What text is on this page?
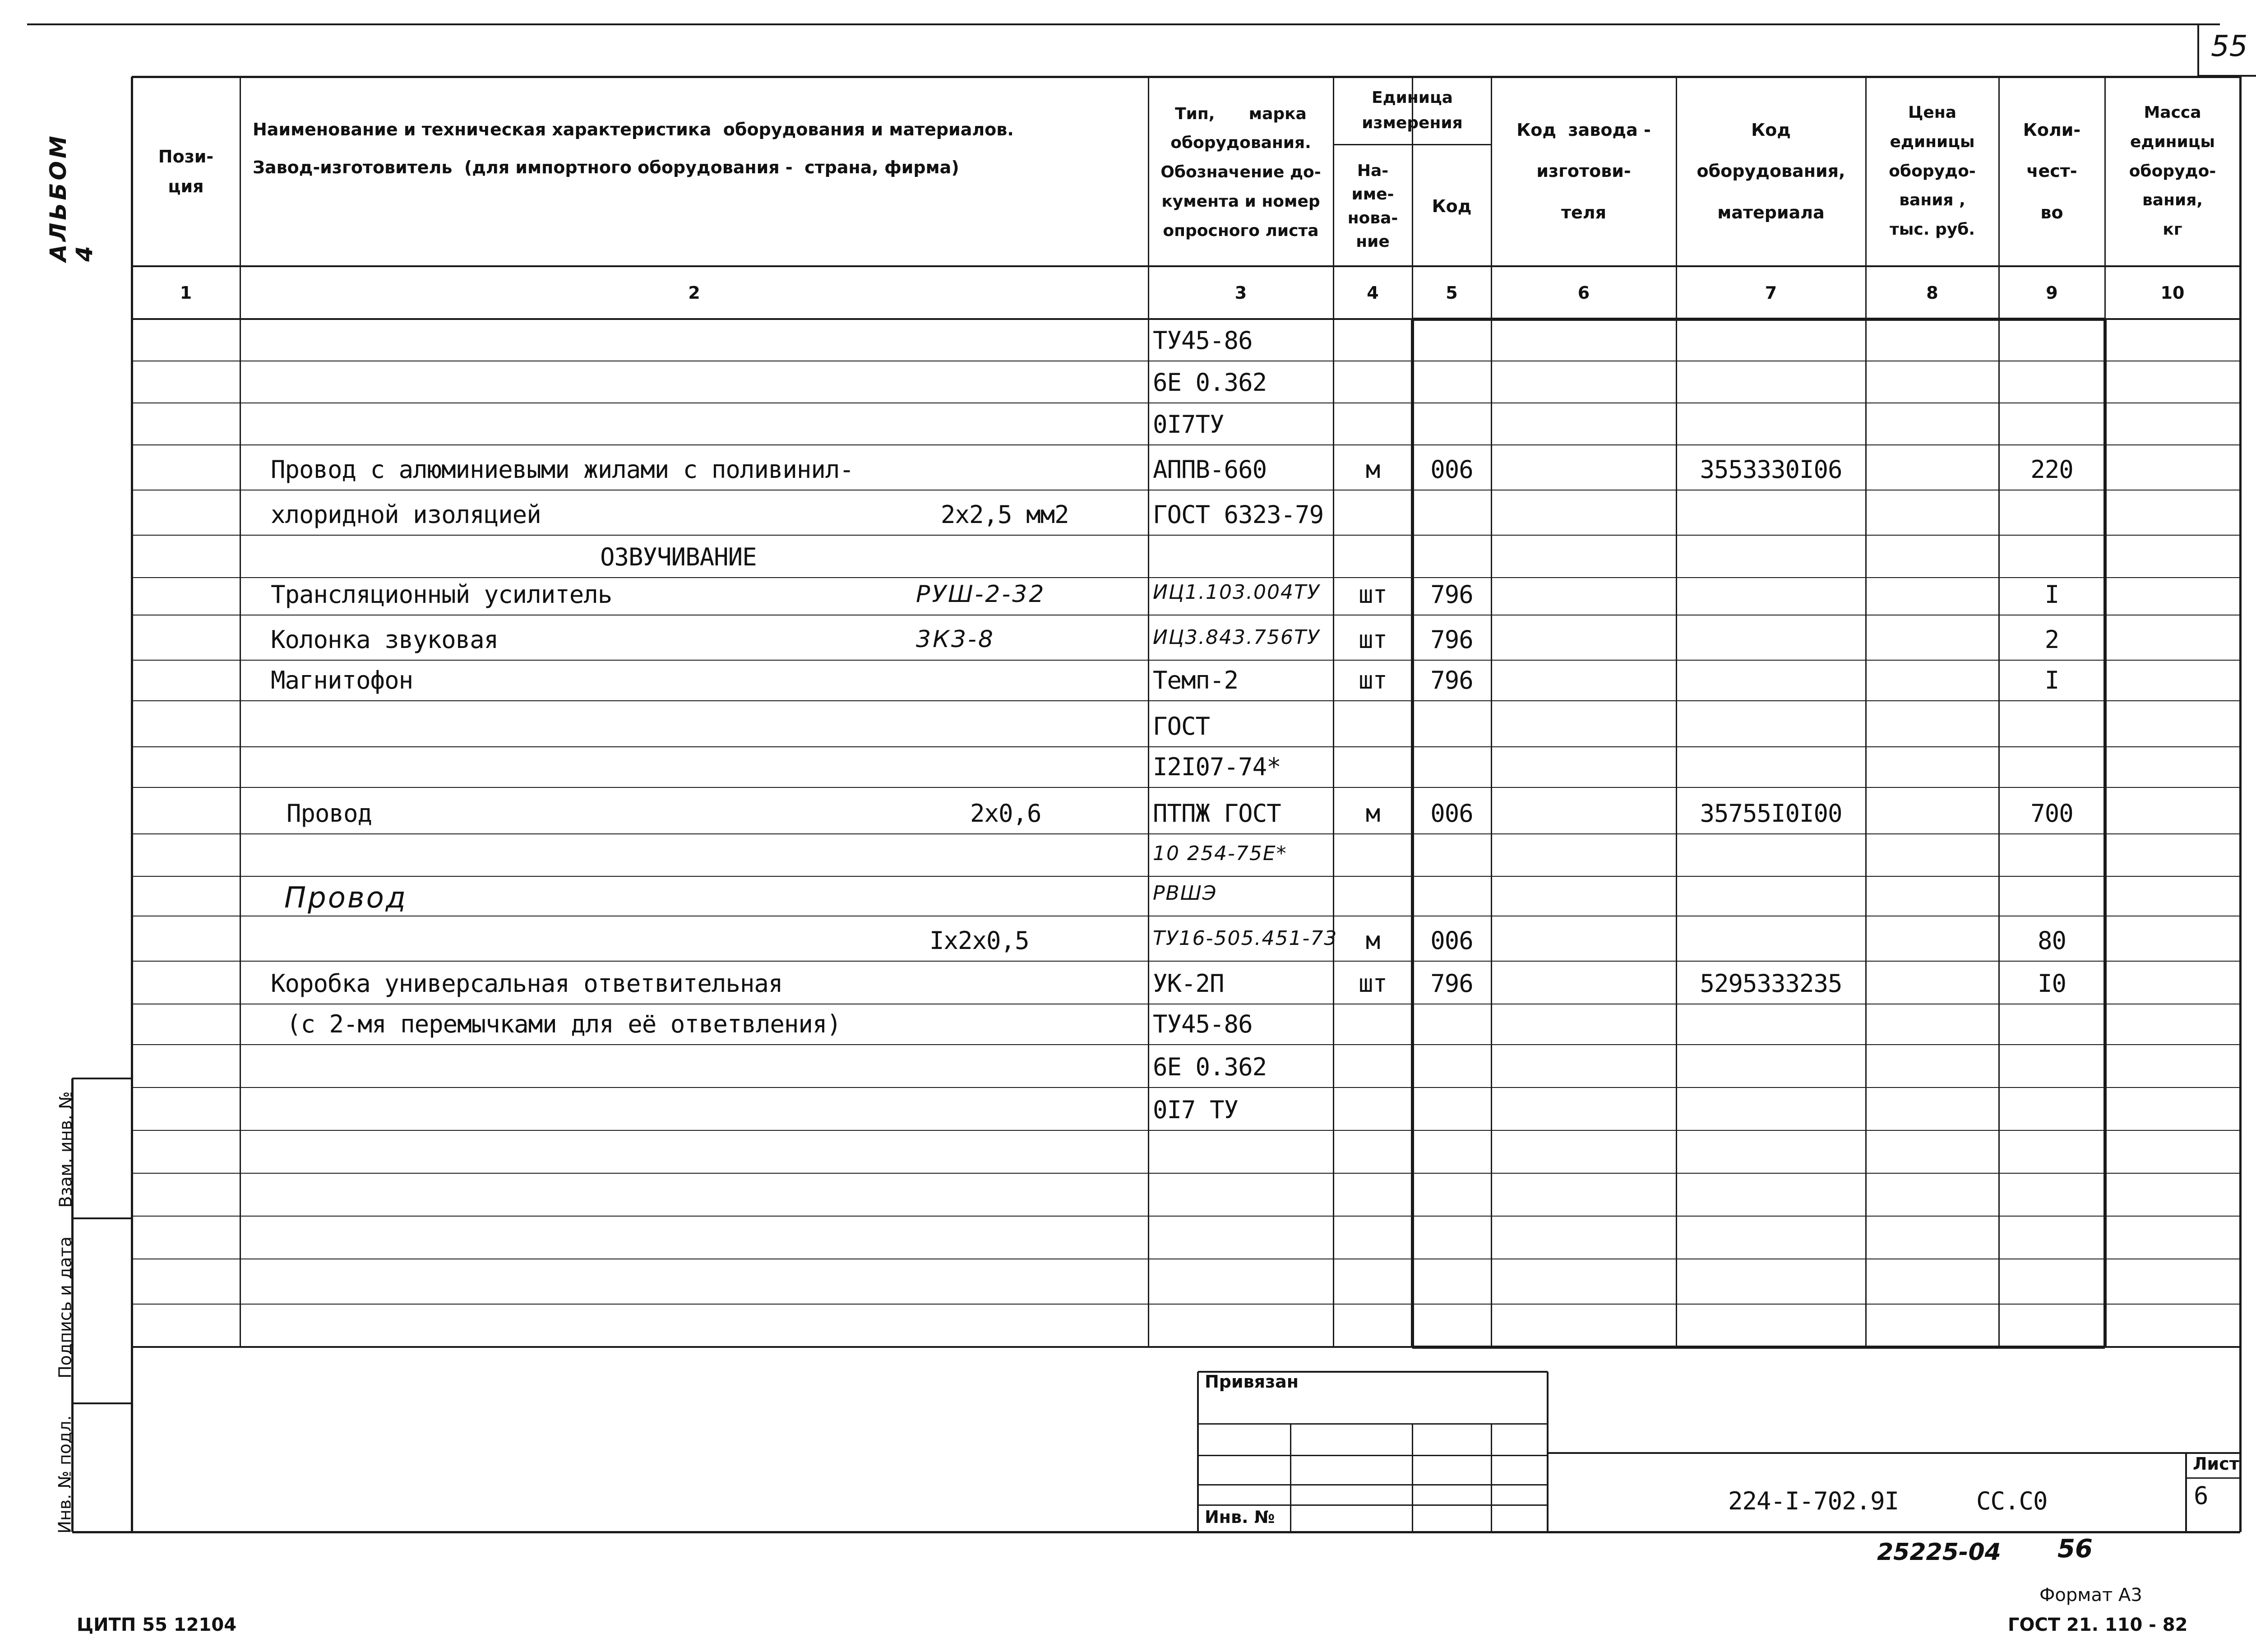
55
АЛЬБОМ 4
Пози-
ция
Наименование и техническая характеристика  оборудования и материалов.
Завод-изготовитель  (для импортного оборудования -  страна, фирма)
Тип,      марка
оборудования.
Обозначение до-
кумента и номер
опросного листа
Единица
измерения
На-
име-
нова-
ние
Код
Код  завода -
изготови-
теля
Код
оборудования,
материала
Цена
единицы
оборудо-
вания ,
тыс. руб.
Коли-
чест-
во
Масса
единицы
оборудо-
вания,
кг
1	2	3	4	5	6	7	8	9	10
ТУ45-86
6Е 0.362
0I7ТУ
Провод с алюминиевыми жилами с поливинил-	АППВ-660	м	006	3553330I06	220
хлоридной изоляцией	2х2,5 мм2	ГОСТ 6323-79
ОЗВУЧИВАНИЕ
Трансляционный усилитель	РУШ-2-32	ИЦ1.103.004ТУ	шт	796	I
Колонка звуковая	3К3-8	ИЦ3.843.756ТУ	шт	796	2
Магнитофон	Темп-2	шт	796	I
ГОСТ
I2I07-74*
Провод	2х0,6	ПТПЖ ГОСТ	м	006	35755I0I00	700
10 254-75Е*
Провод	РВШЭ
Iх2х0,5	ТУ16-505.451-73	м	006	80
Коробка универсальная ответвительная	УК-2П	шт	796	5295333235	I0
(с 2-мя перемычками для её ответвления)	ТУ45-86
6Е 0.362
0I7 ТУ
Привязан
Инв. №
224-I-702.9I	СС.С0
Лист
6
Взам. инв. №
Подпись и дата
Инв. № подл.
25225-04 56
Формат А3
ЦИТП 55 12104	ГОСТ 21. 110 - 82
